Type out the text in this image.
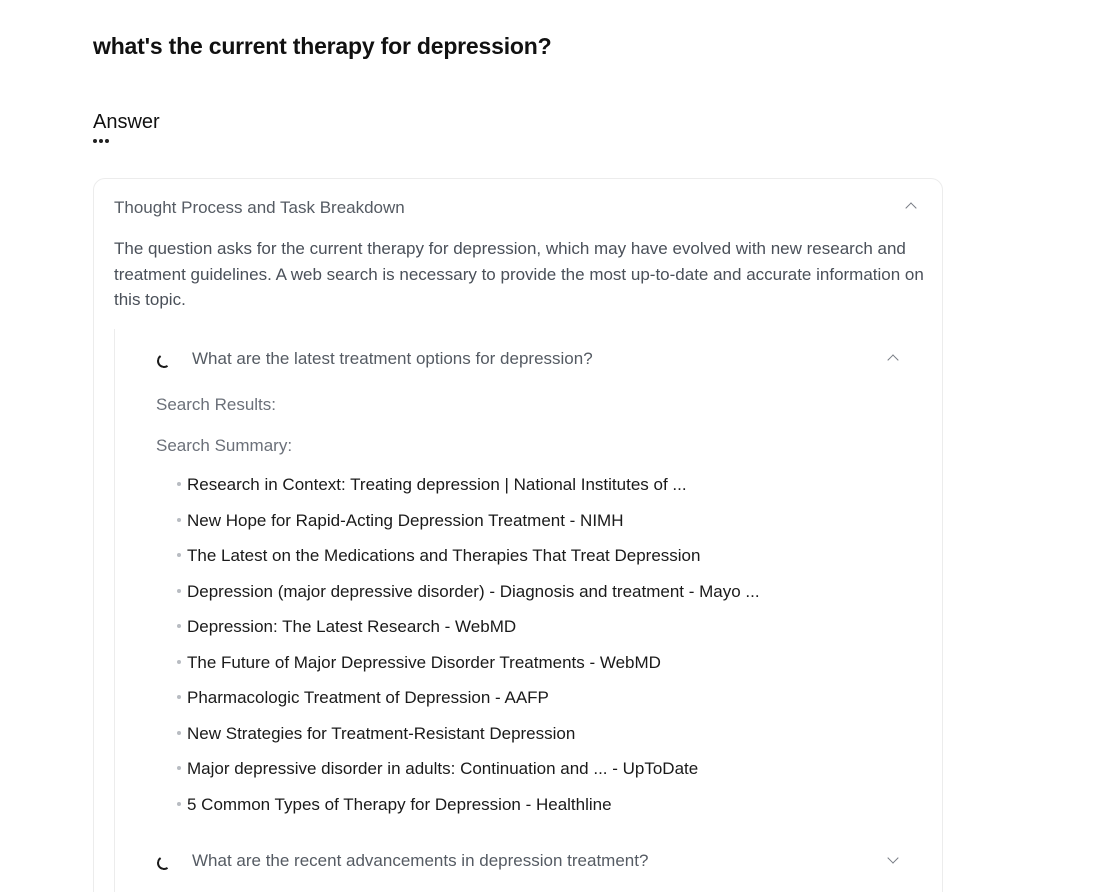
what's the current therapy for depression?
Answer
Thought Process and Task Breakdown
The question asks for the current therapy for depression, which may have evolved with new research and treatment guidelines. A web search is necessary to provide the most up-to-date and accurate information on this topic.
What are the latest treatment options for depression?
Search Results:
Search Summary:
Research in Context: Treating depression | National Institutes of ...
New Hope for Rapid-Acting Depression Treatment - NIMH
The Latest on the Medications and Therapies That Treat Depression
Depression (major depressive disorder) - Diagnosis and treatment - Mayo ...
Depression: The Latest Research - WebMD
The Future of Major Depressive Disorder Treatments - WebMD
Pharmacologic Treatment of Depression - AAFP
New Strategies for Treatment-Resistant Depression
Major depressive disorder in adults: Continuation and ... - UpToDate
5 Common Types of Therapy for Depression - Healthline
What are the recent advancements in depression treatment?
